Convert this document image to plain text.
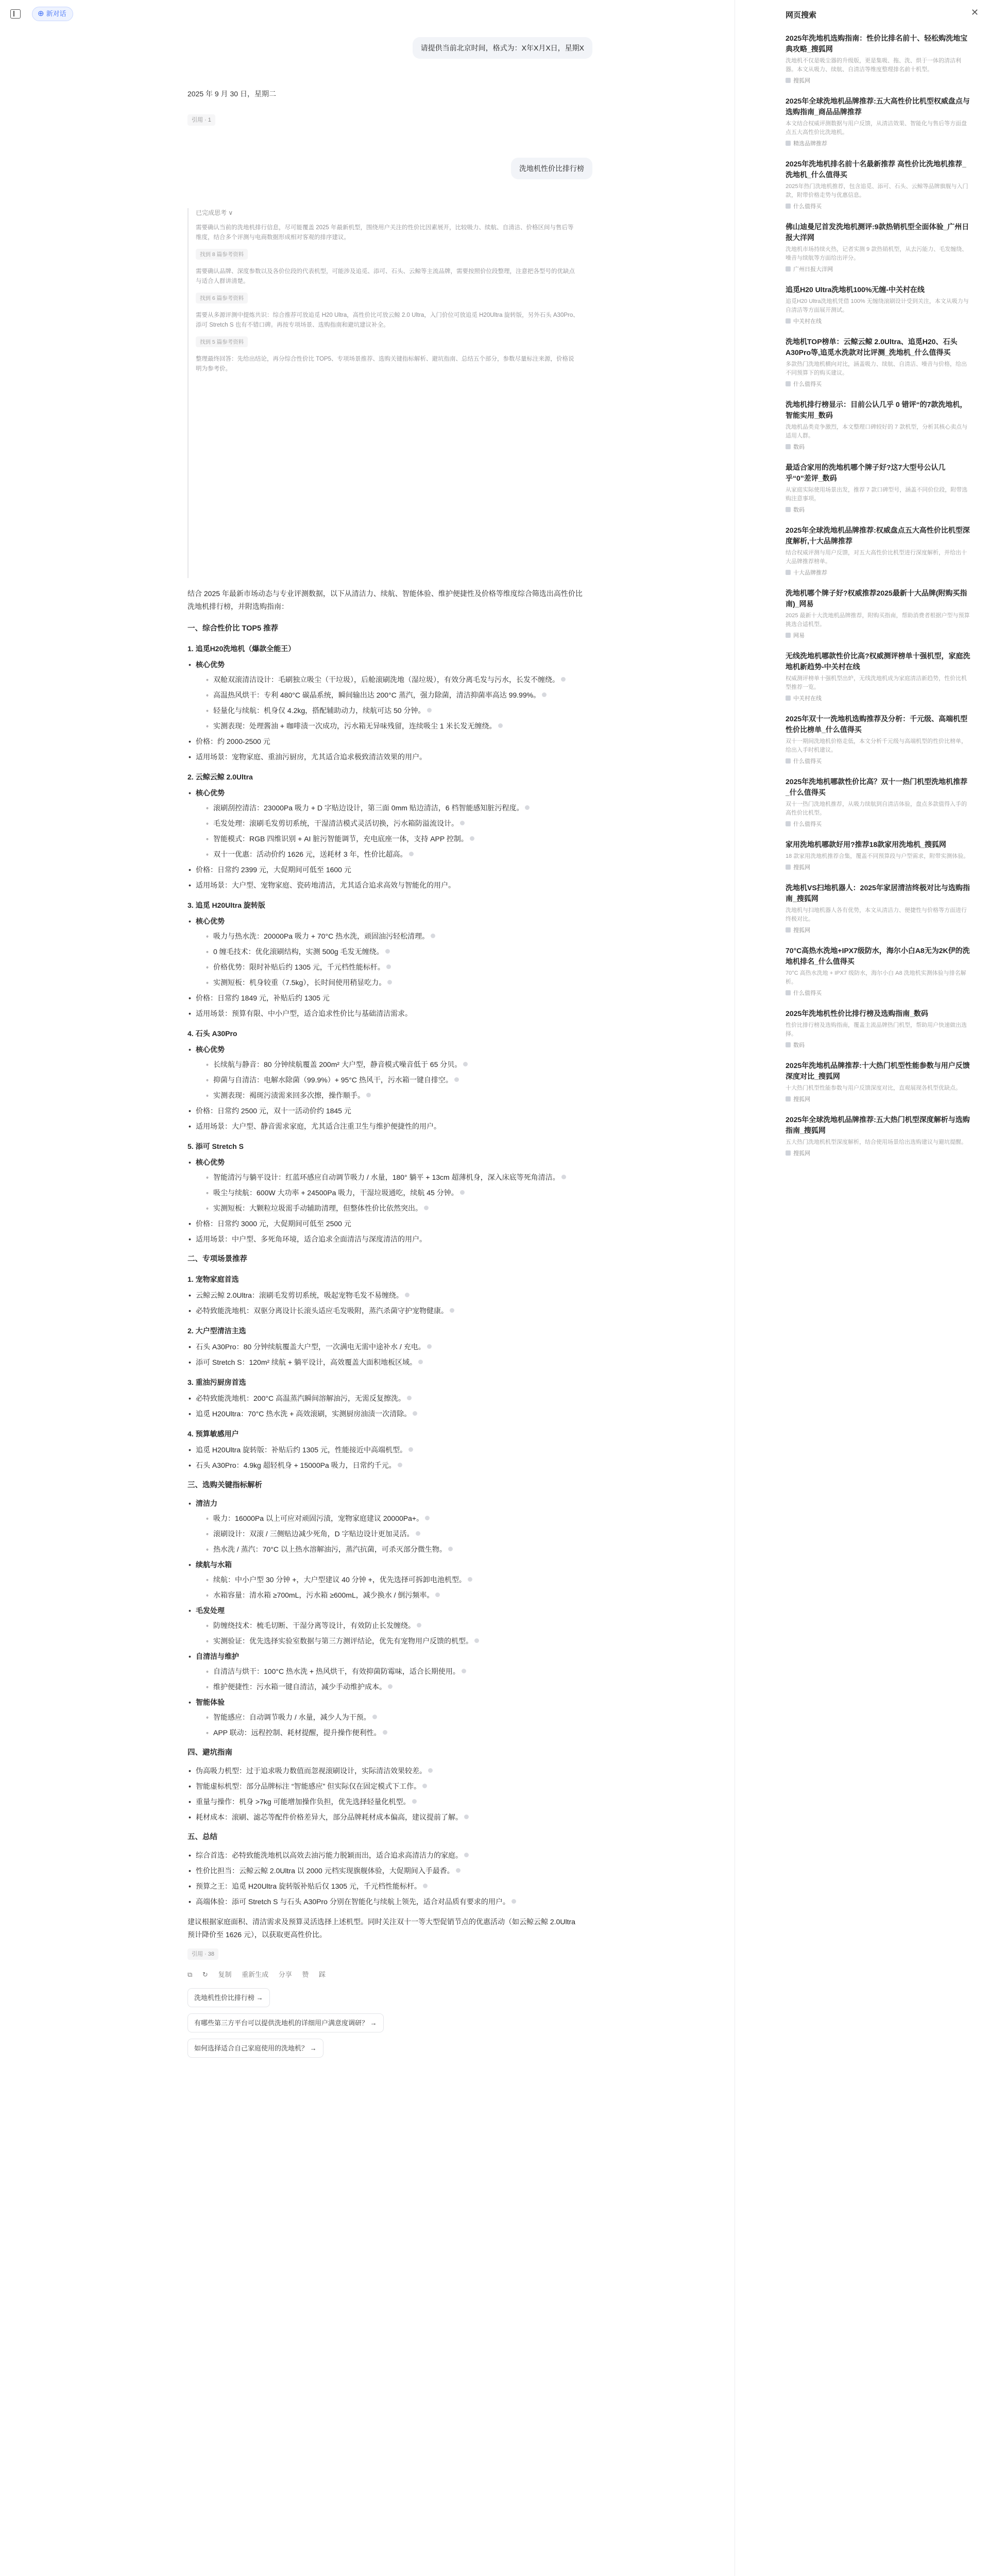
⊕ 新对话
请提供当前北京时间，格式为：X年X月X日，星期X
2025 年 9 月 30 日，星期二
引用 · 1
洗地机性价比排行榜
已完成思考 ∨

需要确认当前的洗地机排行信息，尽可能覆盖 2025 年最新机型，围绕用户关注的性价比因素展开，比较吸力、续航、自清洁、价格区间与售后等维度，结合多个评测与电商数据形成相对客观的排序建议。

找到 8 篇参考资料

需要确认品牌、深度参数以及各价位段的代表机型，可能涉及追觅、添可、石头、云鲸等主流品牌，需要按照价位段整理，注意把各型号的优缺点与适合人群讲清楚。

找到 6 篇参考资料

需要从多源评测中提炼共识：综合推荐可放追觅 H20 Ultra，高性价比可放云鲸 2.0 Ultra，入门价位可放追觅 H20Ultra 旋转版，另外石头 A30Pro、添可 Stretch S 也有不错口碑。再按专项场景、选购指南和避坑建议补全。

找到 5 篇参考资料

整理最终回答：先给出结论，再分综合性价比 TOP5、专项场景推荐、选购关键指标解析、避坑指南、总结五个部分，参数尽量标注来源，价格说明为参考价。

结合 2025 年最新市场动态与专业评测数据，以下从清洁力、续航、智能体验、维护便捷性及价格等维度综合筛选出高性价比洗地机排行榜，并附选购指南：

一、综合性价比 TOP5 推荐
1. 追觅H20洗地机（爆款全能王）
• 核心优势
◦ 双舱双滚清洁设计：毛刷独立吸尘（干垃圾），后舱滚刷洗地（湿垃圾），有效分离毛发与污水，长发不缠绕。
◦ 高温热风烘干：专利 480°C 碳晶系统，瞬间输出达 200°C 蒸汽，强力除菌，清洁抑菌率高达 99.99%。
◦ 轻量化与续航：机身仅 4.2kg，搭配辅助动力，续航可达 50 分钟。
◦ 实测表现：处理酱油 + 咖啡渍一次成功，污水箱无异味残留，连续吸尘 1 米长发无缠绕。
• 价格：约 2000-2500 元
• 适用场景：宠物家庭、重油污厨房，尤其适合追求极致清洁效果的用户。
2. 云鲸云鲸 2.0Ultra
• 核心优势
◦ 滚刷刮控清洁：23000Pa 吸力 + D 字贴边设计，第三面 0mm 贴边清洁，6 档智能感知脏污程度。
◦ 毛发处理：滚刷毛发剪切系统，干湿清洁模式灵活切换，污水箱防溢流设计。
◦ 智能模式：RGB 四维识别 + AI 脏污智能调节，充电底座一体，支持 APP 控制。
◦ 双十一优惠：活动价约 1626 元，送耗材 3 年，性价比超高。
• 价格：日常约 2399 元，大促期间可低至 1600 元
• 适用场景：大户型、宠物家庭、瓷砖地清洁，尤其适合追求高效与智能化的用户。
3. 追觅 H20Ultra 旋转版
• 核心优势
◦ 吸力与热水洗：20000Pa 吸力 + 70°C 热水洗，顽固油污轻松清理。
◦ 0 缠毛技术：优化滚刷结构，实测 500g 毛发无缠绕。
◦ 价格优势：限时补贴后约 1305 元，千元档性能标杆。
◦ 实测短板：机身较重（7.5kg），长时间使用稍显吃力。
• 价格：日常约 1849 元，补贴后约 1305 元
• 适用场景：预算有限、中小户型，适合追求性价比与基础清洁需求。
4. 石头 A30Pro
• 核心优势
◦ 长续航与静音：80 分钟续航覆盖 200m² 大户型，静音模式噪音低于 65 分贝。
◦ 抑菌与自清洁：电解水除菌（99.9%）+ 95°C 热风干，污水箱一键自排空。
◦ 实测表现：褐斑污渍需来回多次擦，操作顺手。
• 价格：日常约 2500 元，双十一活动价约 1845 元
• 适用场景：大户型、静音需求家庭，尤其适合注重卫生与维护便捷性的用户。
5. 添可 Stretch S
• 核心优势
◦ 智能清污与躺平设计：红蓝环感应自动调节吸力 / 水量，180° 躺平 + 13cm 超薄机身，深入床底等死角清洁。
◦ 吸尘与续航：600W 大功率 + 24500Pa 吸力，干湿垃圾通吃，续航 45 分钟。
◦ 实测短板：大颗粒垃圾需手动辅助清理，但整体性价比依然突出。
• 价格：日常约 3000 元，大促期间可低至 2500 元
• 适用场景：中户型、多死角环境，适合追求全面清洁与深度清洁的用户。
二、专项场景推荐
1. 宠物家庭首选
• 云鲸云鲸 2.0Ultra：滚刷毛发剪切系统，吸起宠物毛发不易缠绕。
• 必特致能洗地机：双驱分离设计长滚头适应毛发吸附，蒸汽杀菌守护宠物健康。
2. 大户型清洁主选
• 石头 A30Pro：80 分钟续航覆盖大户型，一次满电无需中途补水 / 充电。
• 添可 Stretch S：120m² 续航 + 躺平设计，高效覆盖大面积地板区域。
3. 重油污厨房首选
• 必特致能洗地机：200°C 高温蒸汽瞬间溶解油污，无需反复擦洗。
• 追觅 H20Ultra：70°C 热水洗 + 高效滚刷，实测厨房油渍一次清除。
4. 预算敏感用户
• 追觅 H20Ultra 旋转版：补贴后约 1305 元，性能接近中高端机型。
• 石头 A30Pro：4.9kg 超轻机身 + 15000Pa 吸力，日常约千元。
三、选购关键指标解析
• 清洁力
◦ 吸力：16000Pa 以上可应对顽固污渍，宠物家庭建议 20000Pa+。
◦ 滚刷设计：双滚 / 三侧贴边减少死角，D 字贴边设计更加灵活。
◦ 热水洗 / 蒸汽：70°C 以上热水溶解油污，蒸汽抗菌，可杀灭部分微生物。
• 续航与水箱
◦ 续航：中小户型 30 分钟 +，大户型建议 40 分钟 +，优先选择可拆卸电池机型。
◦ 水箱容量：清水箱 ≥700mL，污水箱 ≥600mL，减少换水 / 倒污频率。
• 毛发处理
◦ 防缠绕技术：梳毛切断、干湿分离等设计，有效防止长发缠绕。
◦ 实测验证：优先选择实验室数据与第三方测评结论，优先有宠物用户反馈的机型。
• 自清洁与维护
◦ 自清洁与烘干：100°C 热水洗 + 热风烘干，有效抑菌防霉味，适合长期使用。
◦ 维护便捷性：污水箱一键自清洁，减少手动维护成本。
• 智能体验
◦ 智能感应：自动调节吸力 / 水量，减少人为干预。
◦ APP 联动：远程控制、耗材提醒，提升操作便利性。
四、避坑指南
• 伪高吸力机型：过于追求吸力数值而忽视滚刷设计，实际清洁效果较差。
• 智能虚标机型：部分品牌标注 “智能感应” 但实际仅在固定模式下工作。
• 重量与操作：机身 >7kg 可能增加操作负担，优先选择轻量化机型。
• 耗材成本：滚刷、滤芯等配件价格差异大，部分品牌耗材成本偏高，建议提前了解。
五、总结
• 综合首选：必特致能洗地机以高效去油污能力脱颖而出，适合追求高清洁力的家庭。
• 性价比担当：云鲸云鲸 2.0Ultra 以 2000 元档实现旗舰体验，大促期间入手最香。
• 预算之王：追觅 H20Ultra 旋转版补贴后仅 1305 元，千元档性能标杆。
• 高端体验：添可 Stretch S 与石头 A30Pro 分别在智能化与续航上领先，适合对品质有要求的用户。

建议根据家庭面积、清洁需求及预算灵活选择上述机型。同时关注双十一等大型促销节点的优惠活动（如云鲸云鲸 2.0Ultra 预计降价至 1626 元），以获取更高性价比。

引用 · 38
⧉ ↻ 复制 重新生成 分享 赞 踩
洗地机性价比排行榜 →
有哪些第三方平台可以提供洗地机的详细用户满意度调研？ →
如何选择适合自己家庭使用的洗地机？ →
网页搜索	✕
2025年洗地机选购指南：性价比排名前十、轻松购洗地宝典攻略_搜狐网
洗地机不仅是吸尘器的升级版，更是集吸、拖、洗、烘于一体的清洁利器。本文从吸力、续航、自清洁等维度整理排名前十机型。
搜狐网
2025年全球洗地机品牌推荐:五大高性价比机型权威盘点与选购指南_商品品牌推荐
本文结合权威评测数据与用户反馈，从清洁效果、智能化与售后等方面盘点五大高性价比洗地机。
精选品牌推荐
2025年洗地机排名前十名最新推荐 高性价比洗地机推荐_洗地机_什么值得买
2025年热门洗地机推荐，包含追觅、添可、石头、云鲸等品牌旗舰与入门款，附带价格走势与优惠信息。
什么值得买
佛山迪曼尼首发洗地机测评:9款热销机型全面体验_广州日报大洋网
洗地机市场持续火热，记者实测 9 款热销机型，从去污能力、毛发缠绕、噪音与续航等方面给出评分。
广州日报大洋网
追觅H20 Ultra洗地机100%无缠-中关村在线
追觅H20 Ultra洗地机凭借 100% 无缠绕滚刷设计受到关注，本文从吸力与自清洁等方面展开测试。
中关村在线
洗地机TOP榜单：云鲸云鲸 2.0Ultra、追觅H20、石头A30Pro等,追觅水洗款对比评测_洗地机_什么值得买
多款热门洗地机横向对比，涵盖吸力、续航、自清洁、噪音与价格，给出不同预算下的购买建议。
什么值得买
洗地机排行榜显示：目前公认几乎 0 错评“的7款洗地机，智能实用_数码
洗地机品类竞争激烈，本文整理口碑较好的 7 款机型，分析其核心卖点与适用人群。
数码
最适合家用的洗地机哪个牌子好?这7大型号公认几乎“0”差评_数码
从家庭实际使用场景出发，推荐 7 款口碑型号，涵盖不同价位段，附带选购注意事项。
数码
2025年全球洗地机品牌推荐:权威盘点五大高性价比机型深度解析,十大品牌推荐
结合权威评测与用户反馈，对五大高性价比机型进行深度解析，并给出十大品牌推荐榜单。
十大品牌推荐
洗地机哪个牌子好?权威推荐2025最新十大品牌(附购买指南)_网易
2025 最新十大洗地机品牌推荐，附购买指南，帮助消费者根据户型与预算挑选合适机型。
网易
无线洗地机哪款性价比高?权威测评榜单十强机型，家庭洗地机新趋势-中关村在线
权威测评榜单十强机型出炉，无线洗地机成为家庭清洁新趋势，性价比机型推荐一览。
中关村在线
2025年双十一洗地机选购推荐及分析：千元级、高端机型性价比榜单_什么值得买
双十一期间洗地机价格走低，本文分析千元级与高端机型的性价比榜单，给出入手时机建议。
什么值得买
2025年洗地机哪款性价比高？双十一热门机型洗地机推荐_什么值得买
双十一热门洗地机推荐，从吸力续航到自清洁体验，盘点多款值得入手的高性价比机型。
什么值得买
家用洗地机哪款好用?推荐18款家用洗地机_搜狐网
18 款家用洗地机推荐合集，覆盖不同预算段与户型需求，附带实测体验。
搜狐网
洗地机VS扫地机器人：2025年家居清洁终极对比与选购指南_搜狐网
洗地机与扫地机器人各有优势，本文从清洁力、便捷性与价格等方面进行终极对比。
搜狐网
70°C高热水洗地+IPX7级防水，海尔小白A8无为2K伊的洗地机排名_什么值得买
70°C 高热水洗地 + IPX7 级防水，海尔小白 A8 洗地机实测体验与排名解析。
什么值得买
2025年洗地机性价比排行榜及选购指南_数码
性价比排行榜及选购指南，覆盖主流品牌热门机型，帮助用户快速做出选择。
数码
2025年洗地机品牌推荐:十大热门机型性能参数与用户反馈深度对比_搜狐网
十大热门机型性能参数与用户反馈深度对比，直观展现各机型优缺点。
搜狐网
2025年全球洗地机品牌推荐:五大热门机型深度解析与选购指南_搜狐网
五大热门洗地机机型深度解析，结合使用场景给出选购建议与避坑提醒。
搜狐网
